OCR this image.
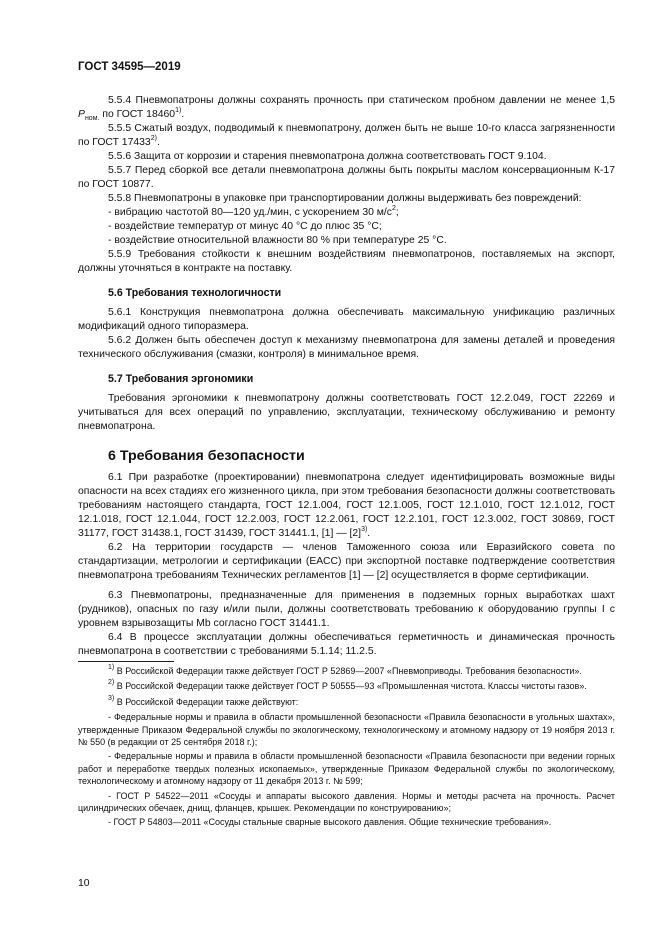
ГОСТ 34595—2019

5.5.4 Пневмопатроны должны сохранять прочность при статическом пробном давлении не менее 1,5 $P_{ном.}$ по ГОСТ 18460$^{1)}$.

5.5.5 Сжатый воздух, подводимый к пневмопатрону, должен быть не выше 10-го класса загрязненности по ГОСТ 17433$^{2)}$.

5.5.6 Защита от коррозии и старения пневмопатрона должна соответствовать ГОСТ 9.104.

5.5.7 Перед сборкой все детали пневмопатрона должны быть покрыты маслом консервационным К-17 по ГОСТ 10877.

5.5.8 Пневмопатроны в упаковке при транспортировании должны выдерживать без повреждений:

- вибрацию частотой 80—120 уд./мин, с ускорением 30 $м/с^2$;
- воздействие температур от минус 40 °С до плюс 35 °С;
- воздействие относительной влажности 80 % при температуре 25 °С.

5.5.9 Требования стойкости к внешним воздействиям пневмопатронов, поставляемых на экспорт, должны уточняться в контракте на поставку.

5.6 Требования технологичности

5.6.1 Конструкция пневмопатрона должна обеспечивать максимальную унификацию различных модификаций одного типоразмера.

5.6.2 Должен быть обеспечен доступ к механизму пневмопатрона для замены деталей и проведения технического обслуживания (смазки, контроля) в минимальное время.

5.7 Требования эргономики

Требования эргономики к пневмопатрону должны соответствовать ГОСТ 12.2.049, ГОСТ 22269 и учитываться для всех операций по управлению, эксплуатации, техническому обслуживанию и ремонту пневмопатрона.

6 Требования безопасности

6.1 При разработке (проектировании) пневмопатрона следует идентифицировать возможные виды опасности на всех стадиях его жизненного цикла, при этом требования безопасности должны соответствовать требованиям настоящего стандарта, ГОСТ 12.1.004, ГОСТ 12.1.005, ГОСТ 12.1.010, ГОСТ 12.1.012, ГОСТ 12.1.018, ГОСТ 12.1.044, ГОСТ 12.2.003, ГОСТ 12.2.061, ГОСТ 12.2.101, ГОСТ 12.3.002, ГОСТ 30869, ГОСТ 31177, ГОСТ 31438.1, ГОСТ 31439, ГОСТ 31441.1, [1] — $[2]^{3)}$.

6.2 На территории государств — членов Таможенного союза или Евразийского совета по стандартизации, метрологии и сертификации (ЕАСС) при экспортной поставке подтверждение соответствия пневмопатрона требованиям Технических регламентов [1] — [2] осуществляется в форме сертификации.

6.3 Пневмопатроны, предназначенные для применения в подземных горных выработках шахт (рудников), опасных по газу и/или пыли, должны соответствовать требованию к оборудованию группы I с уровнем взрывозащиты Mb согласно ГОСТ 31441.1.

6.4 В процессе эксплуатации должны обеспечиваться герметичность и динамическая прочность пневмопатрона в соответствии с требованиями 5.1.14; 11.2.5.

$^{1)}$ В Российской Федерации также действует ГОСТ Р 52869—2007 «Пневмоприводы. Требования безопасности».

$^{2)}$ В Российской Федерации также действует ГОСТ Р 50555—93 «Промышленная чистота. Классы чистоты газов».

$^{3)}$ В Российской Федерации также действуют:

- Федеральные нормы и правила в области промышленной безопасности «Правила безопасности в угольных шахтах», утвержденные Приказом Федеральной службы по экологическому, технологическому и атомному надзору от 19 ноября 2013 г. № 550 (в редакции от 25 сентября 2018 г.);

- Федеральные нормы и правила в области промышленной безопасности «Правила безопасности при ведении горных работ и переработке твердых полезных ископаемых», утвержденные Приказом Федеральной службы по экологическому, технологическому и атомному надзору от 11 декабря 2013 г. № 599;

- ГОСТ Р 54522—2011 «Сосуды и аппараты высокого давления. Нормы и методы расчета на прочность. Расчет цилиндрических обечаек, днищ, фланцев, крышек. Рекомендации по конструированию»;

- ГОСТ Р 54803—2011 «Сосуды стальные сварные высокого давления. Общие технические требования».

10
